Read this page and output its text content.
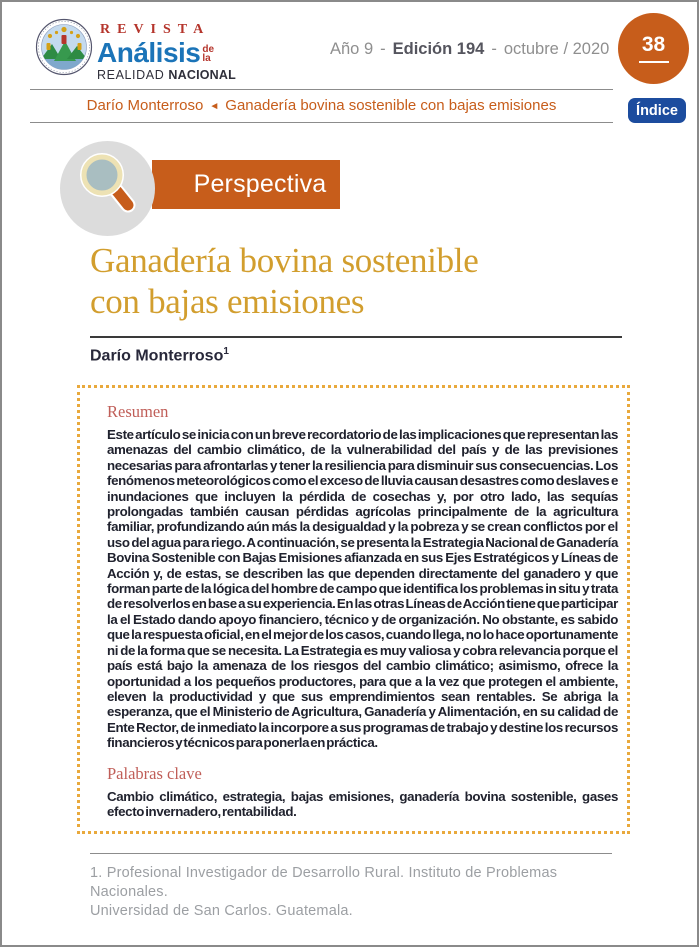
REVISTA
Análisis de
la
REALIDAD NACIONAL
Año 9 - Edición 194 - octubre / 2020 38
Índice
Darío Monterroso ◄ Ganadería bovina sostenible con bajas emisiones
Perspectiva
Ganadería bovina sostenible
con bajas emisiones
Darío Monterroso$^1$
Resumen

Este artículo se inicia con un breve recordatorio de las implicaciones que representan las amenazas del cambio climático, de la vulnerabilidad del país y de las previsiones necesarias para afrontarlas y tener la resiliencia para disminuir sus consecuencias. Los fenómenos meteorológicos como el exceso de lluvia causan desastres como deslaves e inundaciones que incluyen la pérdida de cosechas y, por otro lado, las sequías prolongadas también causan pérdidas agrícolas principalmente de la agricultura familiar, profundizando aún más la desigualdad y la pobreza y se crean conflictos por el uso del agua para riego. A continuación, se presenta la Estrategia Nacional de Ganadería Bovina Sostenible con Bajas Emisiones afianzada en sus Ejes Estratégicos y Líneas de Acción y, de estas, se describen las que dependen directamente del ganadero y que forman parte de la lógica del hombre de campo que identifica los problemas in situ y trata de resolverlos en base a su experiencia. En las otras Líneas de Acción tiene que participar la el Estado dando apoyo financiero, técnico y de organización. No obstante, es sabido que la respuesta oficial, en el mejor de los casos, cuando llega, no lo hace oportunamente ni de la forma que se necesita. La Estrategia es muy valiosa y cobra relevancia porque el país está bajo la amenaza de los riesgos del cambio climático; asimismo, ofrece la oportunidad a los pequeños productores, para que a la vez que protegen el ambiente, eleven la productividad y que sus emprendimientos sean rentables. Se abriga la esperanza, que el Ministerio de Agricultura, Ganadería y Alimentación, en su calidad de Ente Rector, de inmediato la incorpore a sus programas de trabajo y destine los recursos financieros y técnicos para ponerla en práctica.

Palabras clave

Cambio climático, estrategia, bajas emisiones, ganadería bovina sostenible, gases efecto invernadero, rentabilidad.

1. Profesional Investigador de Desarrollo Rural. Instituto de Problemas Nacionales.
Universidad de San Carlos. Guatemala.
